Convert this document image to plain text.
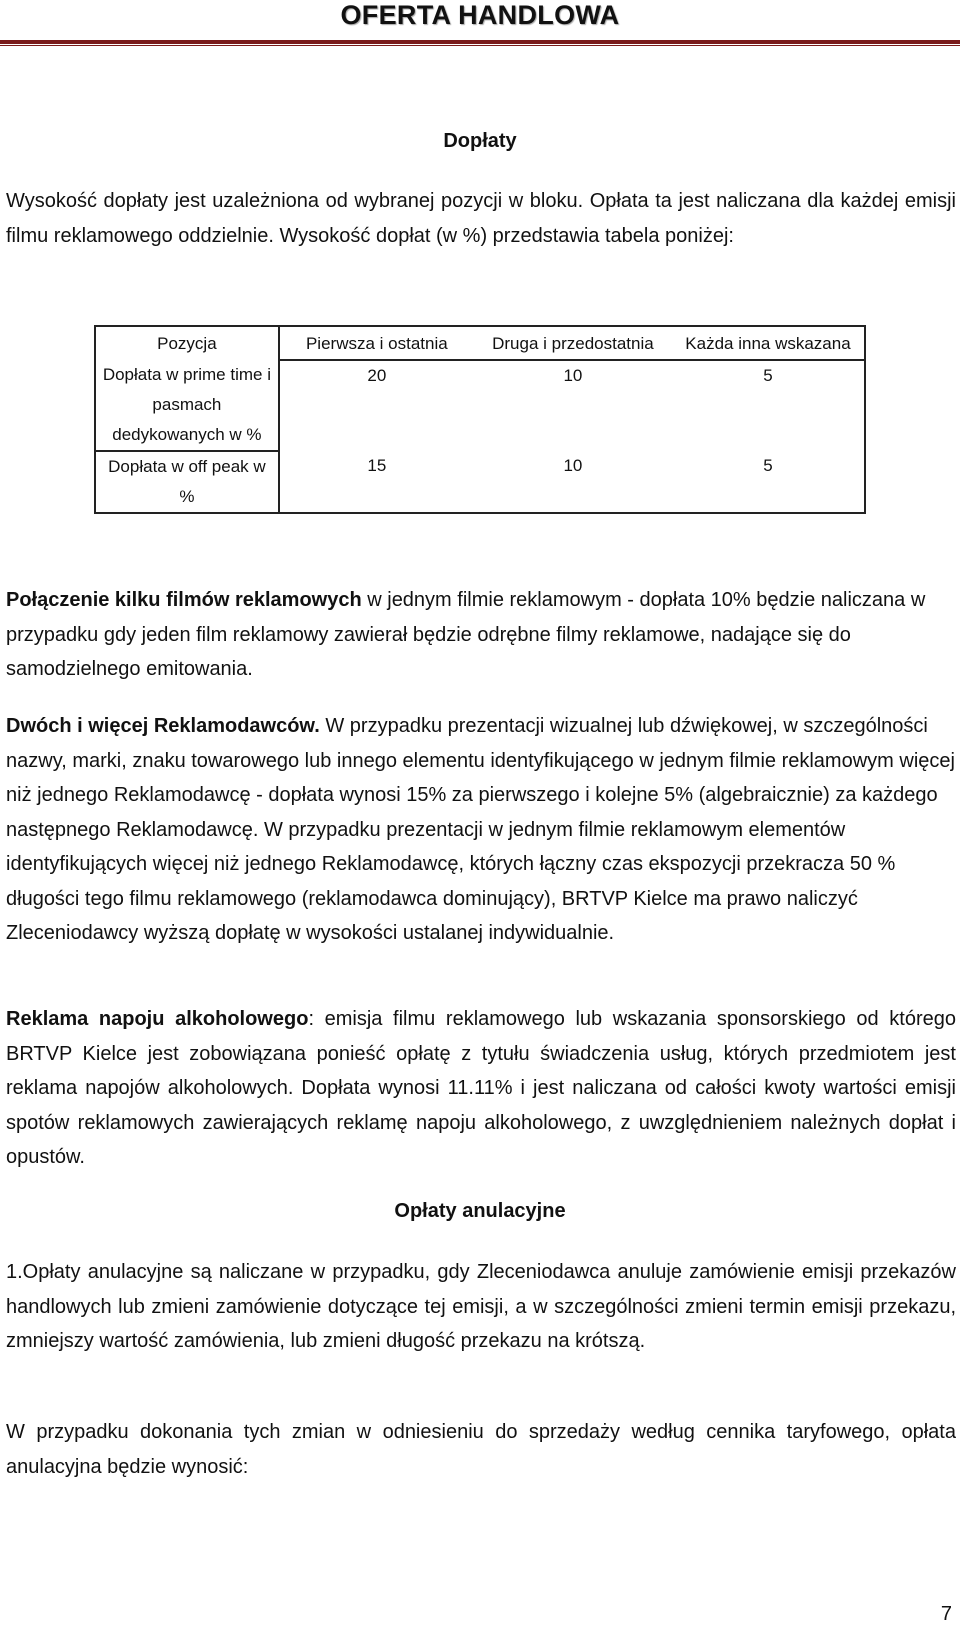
OFERTA HANDLOWA
Dopłaty

Wysokość dopłaty jest uzależniona od wybranej pozycji w bloku. Opłata ta jest naliczana dla każdej emisji filmu reklamowego oddzielnie. Wysokość dopłat (w %) przedstawia tabela poniżej:

Pozycja	Pierwsza i ostatnia	Druga i przedostatnia	Każda inna wskazana
Dopłata w prime time i pasmach dedykowanych w %	20	10	5
Dopłata w off peak w %	15	10	5

Połączenie kilku filmów reklamowych w jednym filmie reklamowym - dopłata 10% będzie naliczana w przypadku gdy jeden film reklamowy zawierał będzie odrębne filmy reklamowe, nadające się do samodzielnego emitowania.

Dwóch i więcej Reklamodawców. W przypadku prezentacji wizualnej lub dźwiękowej, w szczególności nazwy, marki, znaku towarowego lub innego elementu identyfikującego w jednym filmie reklamowym więcej niż jednego Reklamodawcę - dopłata wynosi 15% za pierwszego i kolejne 5% (algebraicznie) za każdego następnego Reklamodawcę. W przypadku prezentacji w jednym filmie reklamowym elementów identyfikujących więcej niż jednego Reklamodawcę, których łączny czas ekspozycji przekracza 50 % długości tego filmu reklamowego (reklamodawca dominujący), BRTVP Kielce ma prawo naliczyć Zleceniodawcy wyższą dopłatę w wysokości ustalanej indywidualnie.

Reklama napoju alkoholowego: emisja filmu reklamowego lub wskazania sponsorskiego od którego BRTVP Kielce jest zobowiązana ponieść opłatę z tytułu świadczenia usług, których przedmiotem jest reklama napojów alkoholowych. Dopłata wynosi 11.11% i jest naliczana od całości kwoty wartości emisji spotów reklamowych zawierających reklamę napoju alkoholowego, z uwzględnieniem należnych dopłat i opustów.

Opłaty anulacyjne

1.Opłaty anulacyjne są naliczane w przypadku, gdy Zleceniodawca anuluje zamówienie emisji przekazów handlowych lub zmieni zamówienie dotyczące tej emisji, a w szczególności zmieni termin emisji przekazu, zmniejszy wartość zamówienia, lub zmieni długość przekazu na krótszą.

W przypadku dokonania tych zmian w odniesieniu do sprzedaży według cennika taryfowego, opłata anulacyjna będzie wynosić:

7
